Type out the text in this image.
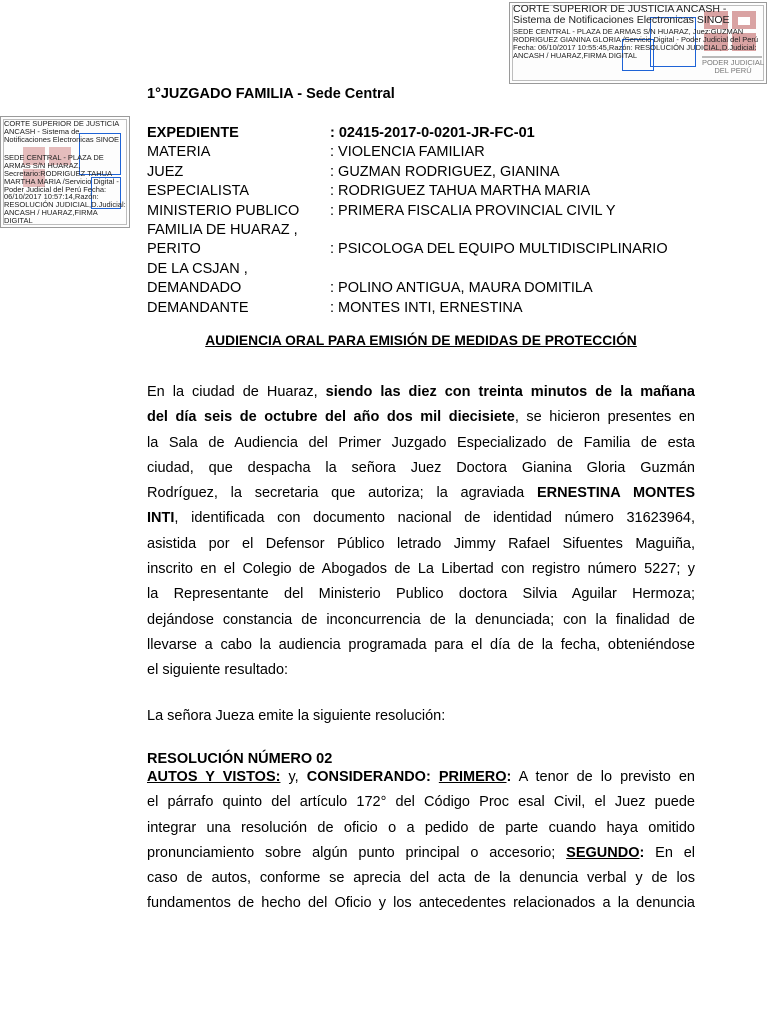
PODER JUDICIAL DEL PERÚ
CORTE SUPERIOR DE JUSTICIA ANCASH - Sistema de Notificaciones Electronicas SINOE
SEDE CENTRAL - PLAZA DE ARMAS S/N HUARAZ, Juez:GUZMAN RODRIGUEZ GIANINA GLORIA /Servicio Digital - Poder Judicial del Perú Fecha: 06/10/2017 10:55:45,Razón: RESOLUCIÓN JUDICIAL,D.Judicial: ANCASH / HUARAZ,FIRMA DIGITAL
CORTE SUPERIOR DE JUSTICIA ANCASH - Sistema de Notificaciones Electronicas SINOE
SEDE CENTRAL - PLAZA DE ARMAS S/N HUARAZ, Secretario:RODRIGUEZ TAHUA MARTHA MARIA /Servicio Digital - Poder Judicial del Perú Fecha: 06/10/2017 10:57:14,Razón: RESOLUCIÓN JUDICIAL,D.Judicial: ANCASH / HUARAZ,FIRMA DIGITAL
1°JUZGADO FAMILIA - Sede Central
EXPEDIENTE	: 02415-2017-0-0201-JR-FC-01
MATERIA	: VIOLENCIA FAMILIAR
JUEZ	: GUZMAN RODRIGUEZ, GIANINA
ESPECIALISTA	: RODRIGUEZ TAHUA MARTHA MARIA
MINISTERIO PUBLICO	: PRIMERA FISCALIA PROVINCIAL CIVIL Y
FAMILIA DE HUARAZ ,
PERITO	: PSICOLOGA DEL EQUIPO MULTIDISCIPLINARIO
DE LA CSJAN ,
DEMANDADO	: POLINO ANTIGUA, MAURA DOMITILA
DEMANDANTE	: MONTES INTI, ERNESTINA
AUDIENCIA ORAL PARA EMISIÓN DE MEDIDAS DE PROTECCIÓN
En la ciudad de Huaraz, siendo las diez con treinta minutos de la mañana
del día seis de octubre del año dos mil diecisiete, se hicieron presentes en
la Sala de Audiencia del Primer Juzgado Especializado de Familia de esta
ciudad, que despacha la señora Juez Doctora Gianina Gloria Guzmán
Rodríguez, la secretaria que autoriza; la agraviada ERNESTINA MONTES
INTI, identificada con documento nacional de identidad número 31623964,
asistida por el Defensor Público letrado Jimmy Rafael Sifuentes Maguiña,
inscrito en el Colegio de Abogados de La Libertad con registro número 5227; y
la Representante del Ministerio Publico doctora Silvia Aguilar Hermoza;
dejándose constancia de inconcurrencia de la denunciada; con la finalidad de
llevarse a cabo la audiencia programada para el día de la fecha, obteniéndose
el siguiente resultado:
La señora Jueza emite la siguiente resolución:
RESOLUCIÓN NÚMERO 02
AUTOS Y VISTOS: y, CONSIDERANDO: PRIMERO: A tenor de lo previsto en
el párrafo quinto del artículo 172° del Código Proc esal Civil, el Juez puede
integrar una resolución de oficio o a pedido de parte cuando haya omitido
pronunciamiento sobre algún punto principal o accesorio; SEGUNDO: En el
caso de autos, conforme se aprecia del acta de la denuncia verbal y de los
fundamentos de hecho del Oficio y los antecedentes relacionados a la denuncia
